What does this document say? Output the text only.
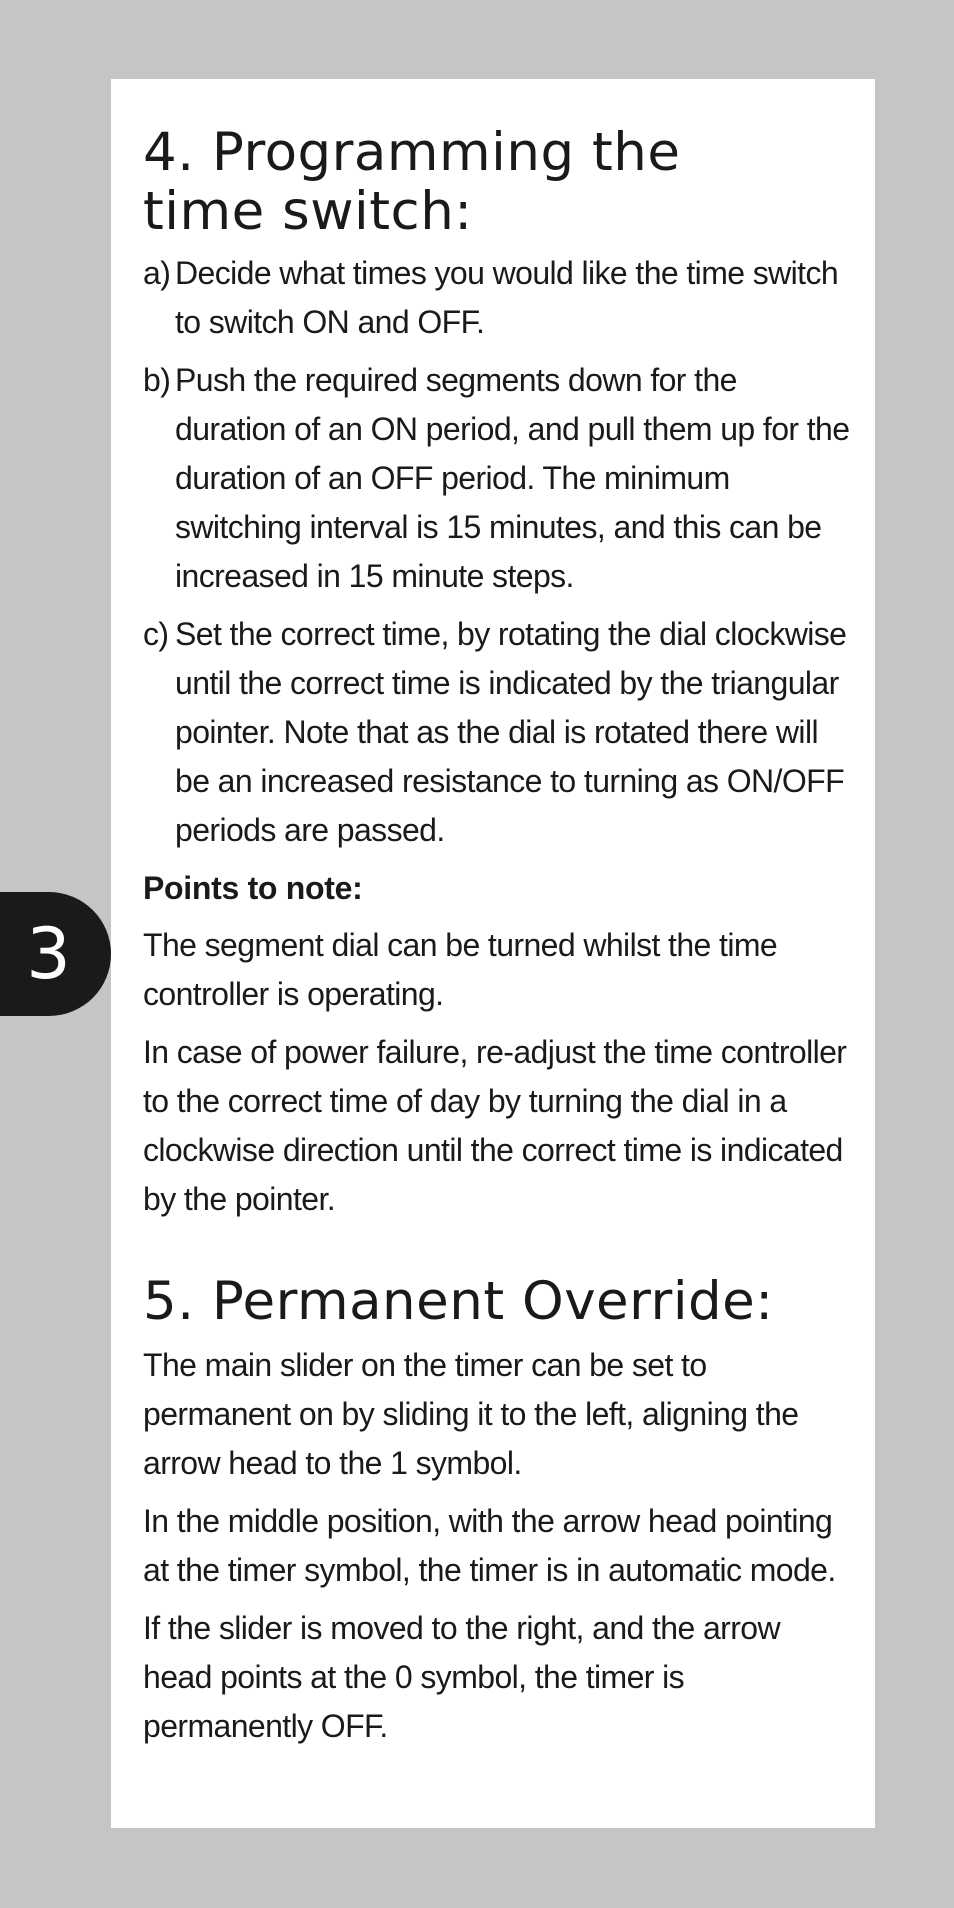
3
4. Programming the
time switch:
a) Decide what times you would like the time switch to switch ON and OFF.
b) Push the required segments down for the duration of an ON period, and pull them up for the duration of an OFF period. The minimum switching interval is 15 minutes, and this can be increased in 15 minute steps.
c) Set the correct time, by rotating the dial clockwise until the correct time is indicated by the triangular pointer. Note that as the dial is rotated there will be an increased resistance to turning as ON/OFF periods are passed.
Points to note:

The segment dial can be turned whilst the time controller is operating.

In case of power failure, re-adjust the time controller to the correct time of day by turning the dial in a clockwise direction until the correct time is indicated by the pointer.

5. Permanent Override:

The main slider on the timer can be set to permanent on by sliding it to the left, aligning the arrow head to the 1 symbol.

In the middle position, with the arrow head pointing at the timer symbol, the timer is in automatic mode.

If the slider is moved to the right, and the arrow head points at the 0 symbol, the timer is permanently OFF.
